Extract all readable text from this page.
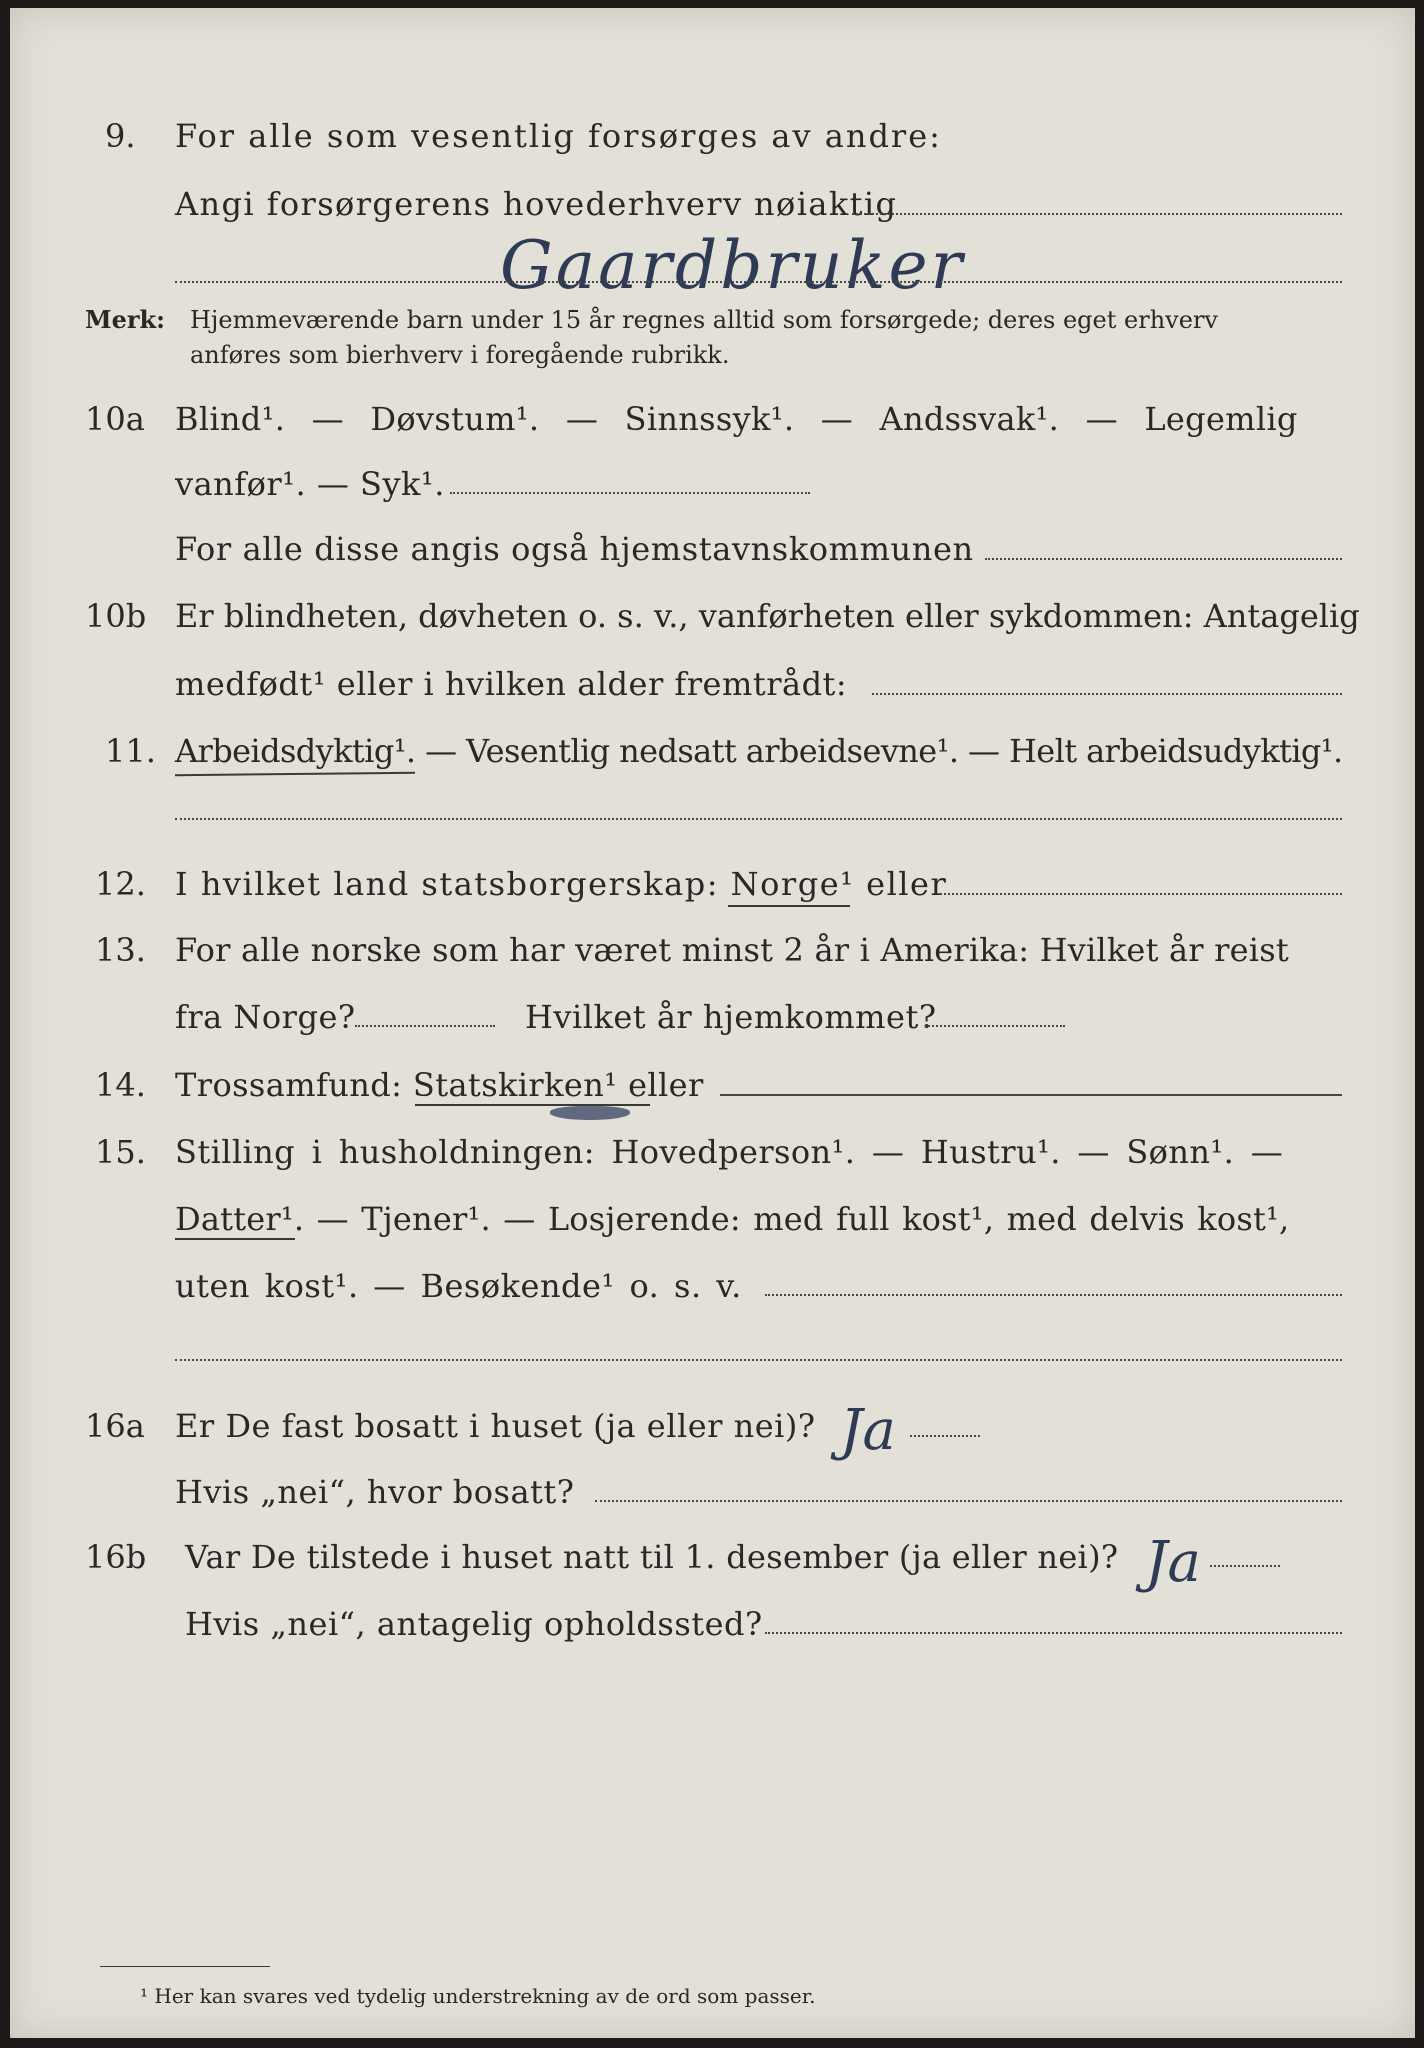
9. For alle som vesentlig forsørges av andre:
Angi forsørgerens hovederhverv nøiaktig
Gaardbruker
Merk: Hjemmeværende barn under 15 år regnes alltid som forsørgede; deres eget erhverv
anføres som bierhverv i foregående rubrikk.
10a Blind¹. — Døvstum¹. — Sinnssyk¹. — Andssvak¹. — Legemlig
vanfør¹. — Syk¹.
For alle disse angis også hjemstavnskommunen
10b Er blindheten, døvheten o. s. v., vanførheten eller sykdommen: Antagelig
medfødt¹ eller i hvilken alder fremtrådt:
11. Arbeidsdyktig¹. — Vesentlig nedsatt arbeidsevne¹. — Helt arbeidsudyktig¹.
12. I hvilket land statsborgerskap: Norge¹ eller
13. For alle norske som har været minst 2 år i Amerika: Hvilket år reist
fra Norge?	Hvilket år hjemkommet?
14. Trossamfund: Statskirken¹ eller
15. Stilling i husholdningen: Hovedperson¹. — Hustru¹. — Sønn¹. —
Datter¹. — Tjener¹. — Losjerende: med full kost¹, med delvis kost¹,
uten kost¹. — Besøkende¹ o. s. v.
16a Er De fast bosatt i huset (ja eller nei)? Ja
Hvis „nei“, hvor bosatt?
16b Var De tilstede i huset natt til 1. desember (ja eller nei)? Ja
Hvis „nei“, antagelig opholdssted?
¹ Her kan svares ved tydelig understrekning av de ord som passer.
